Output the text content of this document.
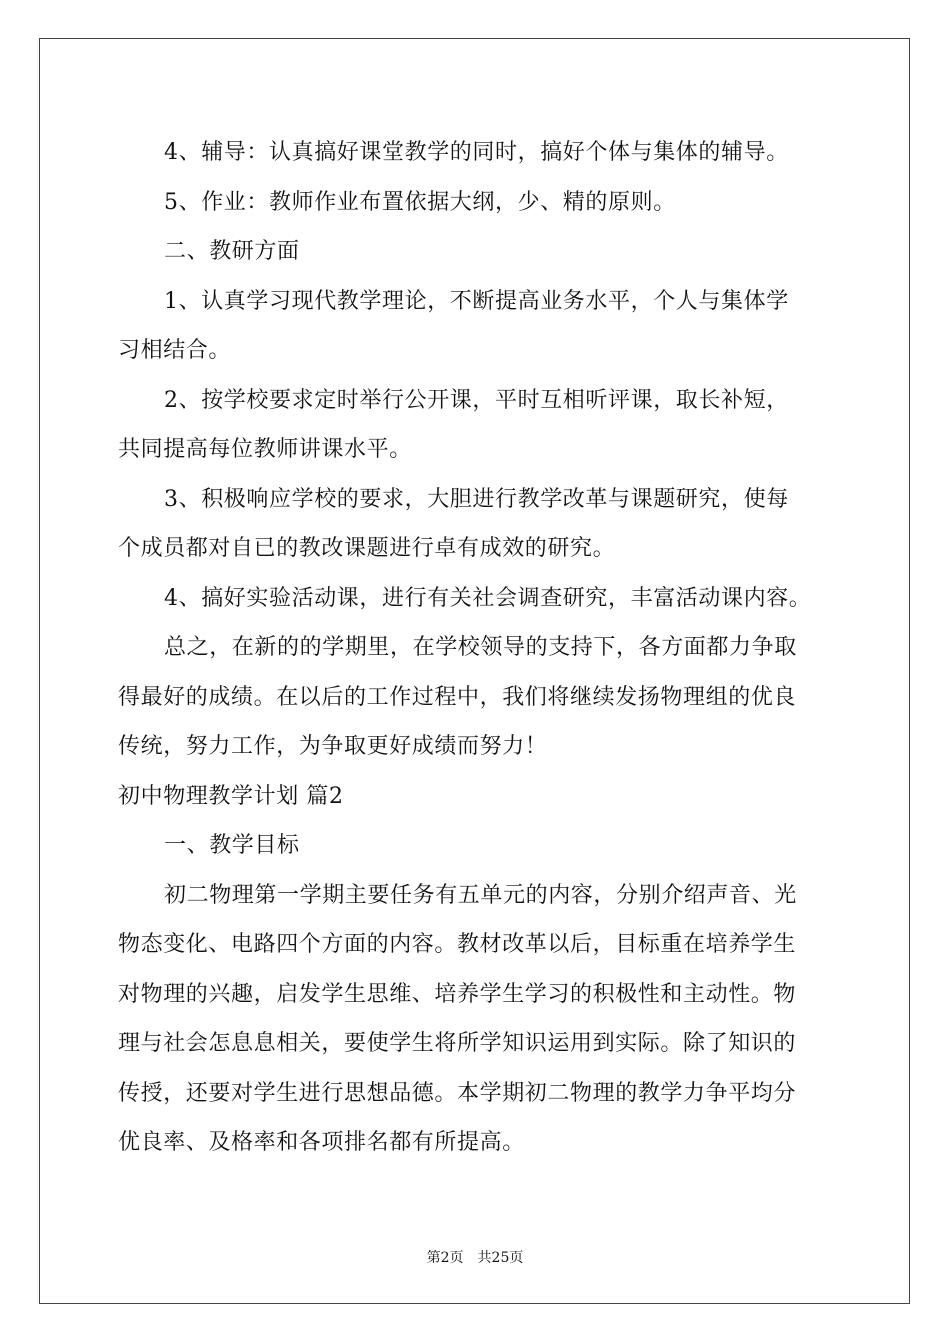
4、辅导：认真搞好课堂教学的同时，搞好个体与集体的辅导。
5、作业：教师作业布置依据大纲，少、精的原则。
二、教研方面
1、认真学习现代教学理论，不断提高业务水平，个人与集体学
习相结合。
2、按学校要求定时举行公开课，平时互相听评课，取长补短，
共同提高每位教师讲课水平。
3、积极响应学校的要求，大胆进行教学改革与课题研究，使每
个成员都对自已的教改课题进行卓有成效的研究。
4、搞好实验活动课，进行有关社会调查研究，丰富活动课内容。
总之，在新的的学期里，在学校领导的支持下，各方面都力争取
得最好的成绩。在以后的工作过程中，我们将继续发扬物理组的优良
传统，努力工作，为争取更好成绩而努力！
初中物理教学计划 篇2
一、教学目标
初二物理第一学期主要任务有五单元的内容，分别介绍声音、光
物态变化、电路四个方面的内容。教材改革以后，目标重在培养学生
对物理的兴趣，启发学生思维、培养学生学习的积极性和主动性。物
理与社会怎息息相关，要使学生将所学知识运用到实际。除了知识的
传授，还要对学生进行思想品德。本学期初二物理的教学力争平均分
优良率、及格率和各项排名都有所提高。
第2页　共25页
